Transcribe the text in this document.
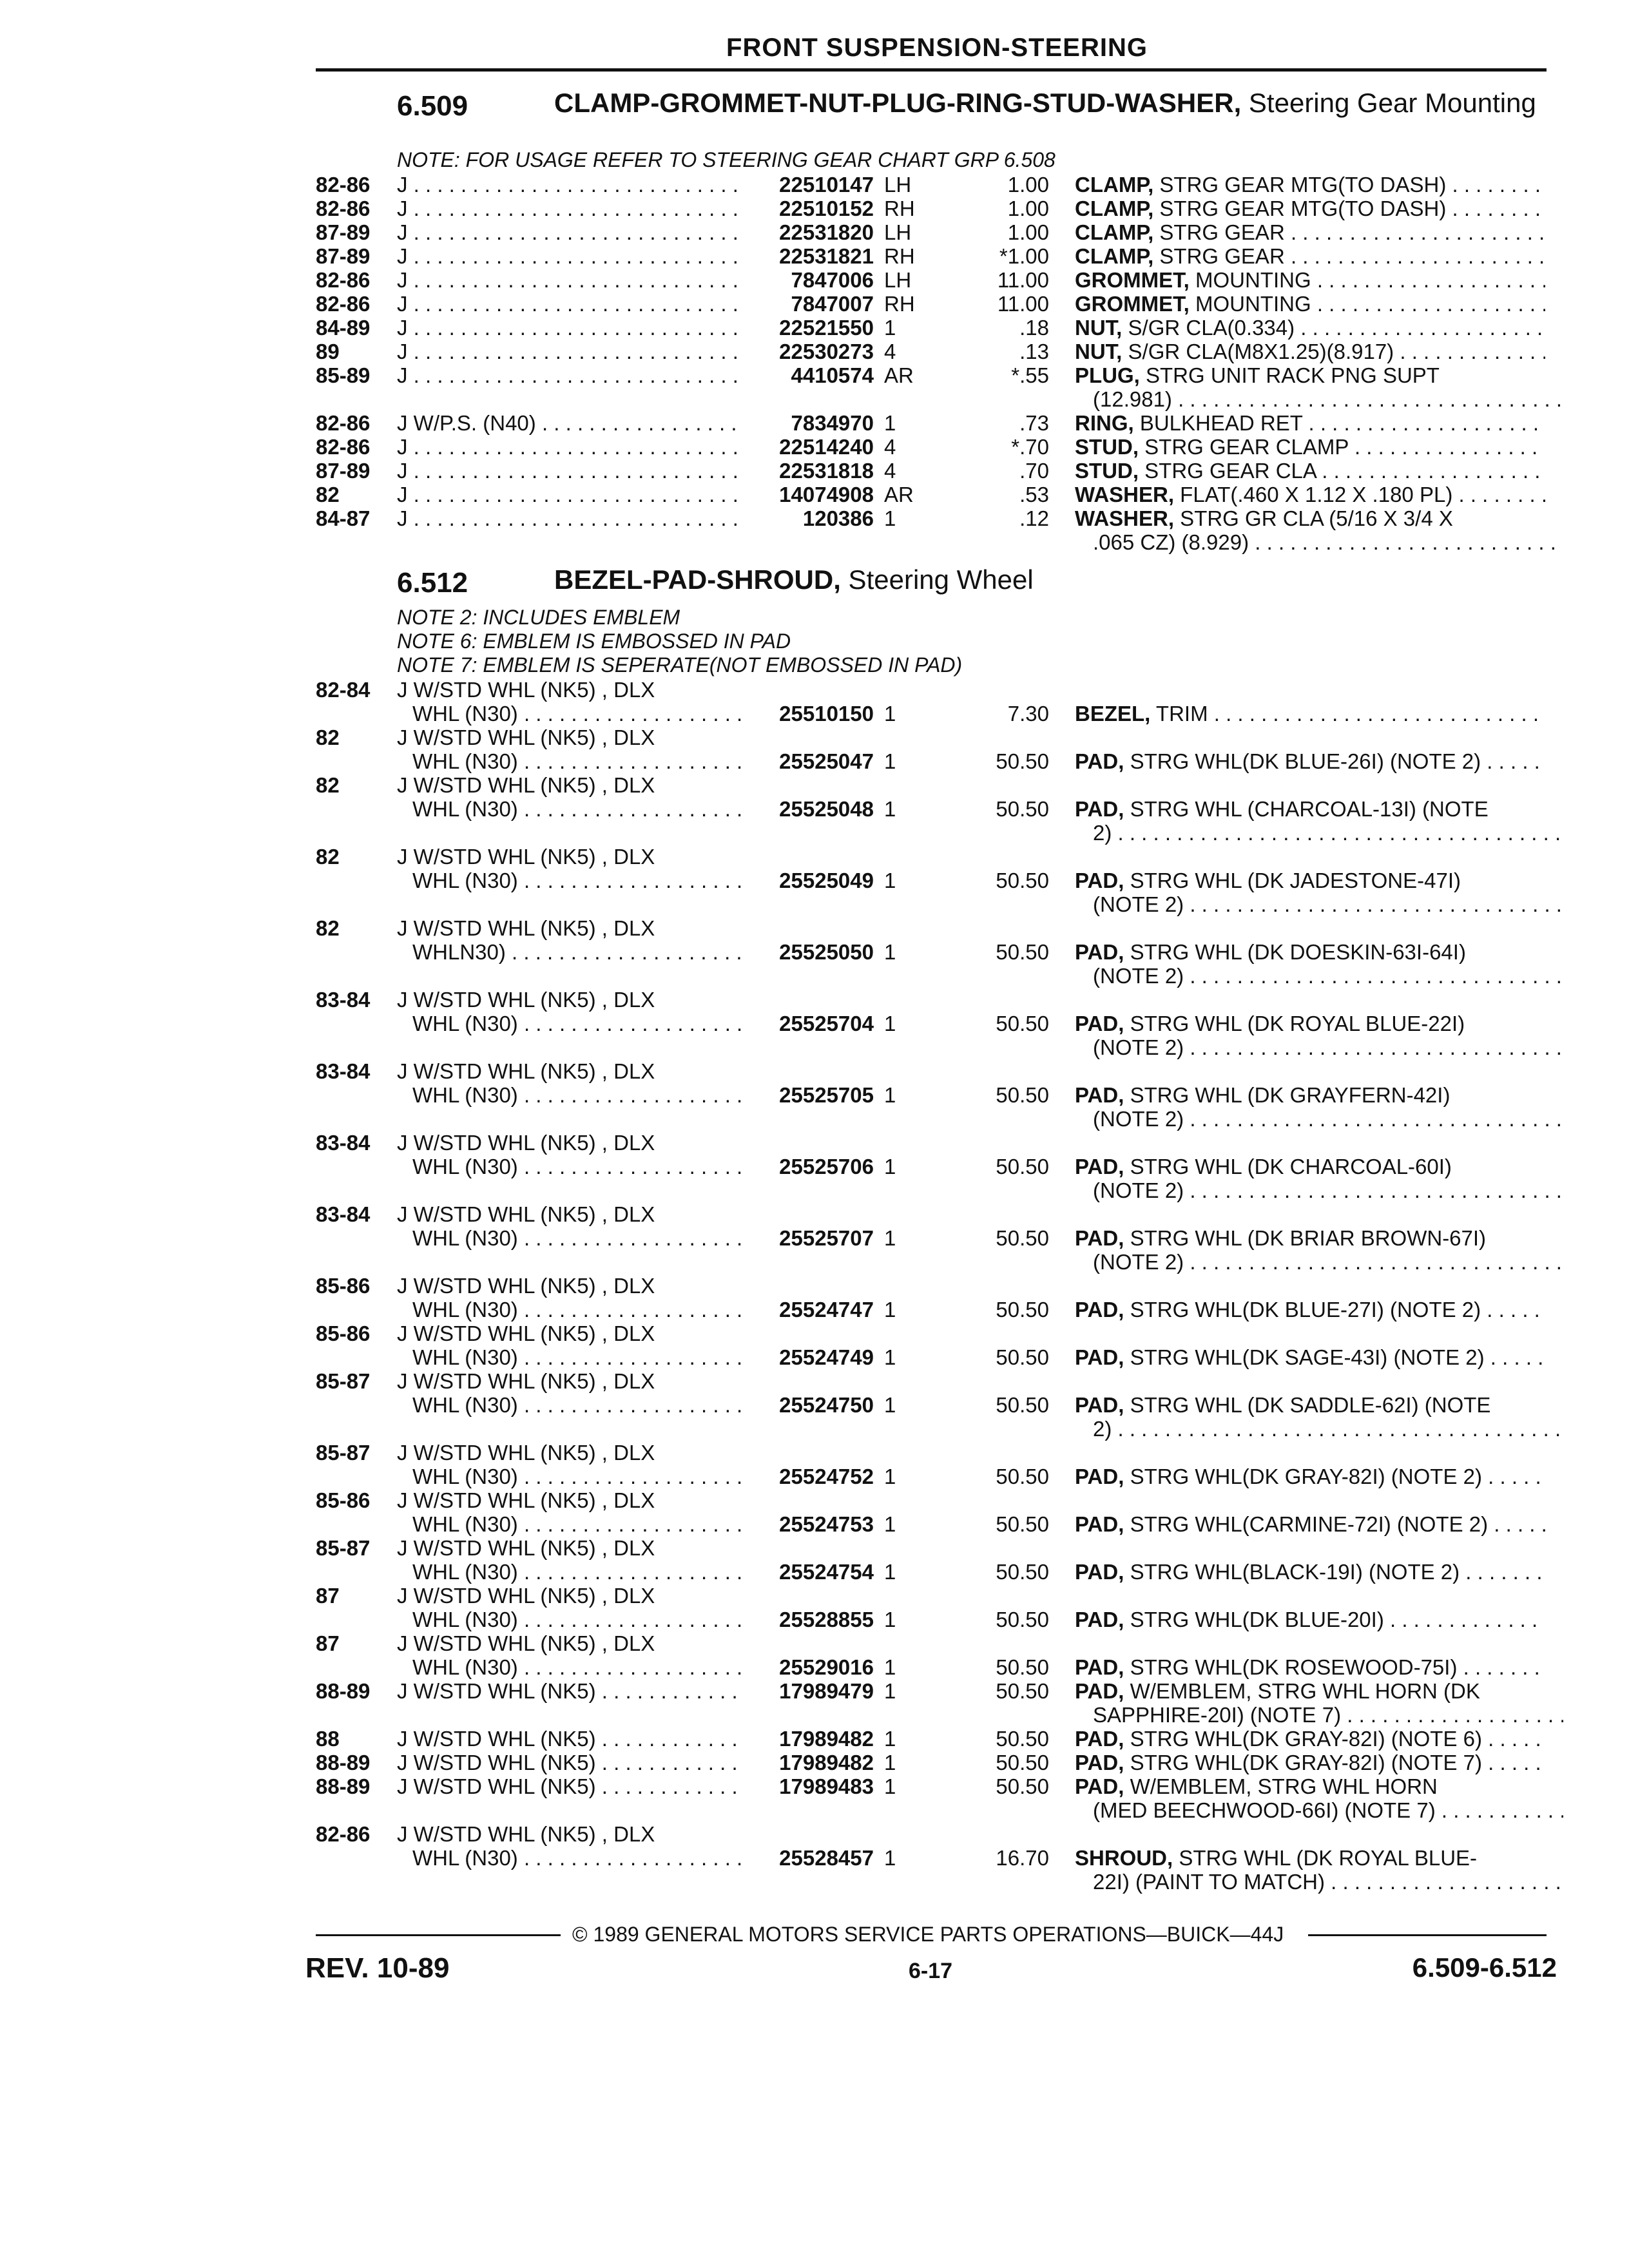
FRONT SUSPENSION-STEERING
6.509	CLAMP-GROMMET-NUT-PLUG-RING-STUD-WASHER, Steering Gear Mounting
NOTE: FOR USAGE REFER TO STEERING GEAR CHART GRP 6.508
82-86 J . . .	22510147 LH	1.00 CLAMP, STRG GEAR MTG(TO DASH) . . .
82-86 J . . .	22510152 RH	1.00 CLAMP, STRG GEAR MTG(TO DASH) . . .
87-89 J . . .	22531820 LH	1.00 CLAMP, STRG GEAR . . .
87-89 J . . .	22531821 RH	*1.00 CLAMP, STRG GEAR . . .
82-86 J . . .	7847006 LH	11.00 GROMMET, MOUNTING . . .
82-86 J . . .	7847007 RH	11.00 GROMMET, MOUNTING . . .
84-89 J . . .	22521550 1	.18 NUT, S/GR CLA(0.334) . . .
89	J . . .	22530273 4	.13 NUT, S/GR CLA(M8X1.25)(8.917) . . .
85-89 J . . .	4410574 AR	*.55 PLUG, STRG UNIT RACK PNG SUPT
(12.981) . . .
82-86 J W/P.S. (N40) . . .	7834970 1	.73 RING, BULKHEAD RET . . .
82-86 J . . .	22514240 4	*.70 STUD, STRG GEAR CLAMP . . .
87-89 J . . .	22531818 4	.70 STUD, STRG GEAR CLA . . .
82	J . . .	14074908 AR	.53 WASHER, FLAT(.460 X 1.12 X .180 PL) . . .
84-87 J . . .	120386 1	.12 WASHER, STRG GR CLA (5/16 X 3/4 X
.065 CZ) (8.929) . . .
6.512	BEZEL-PAD-SHROUD, Steering Wheel
NOTE 2: INCLUDES EMBLEM
NOTE 6: EMBLEM IS EMBOSSED IN PAD
NOTE 7: EMBLEM IS SEPERATE(NOT EMBOSSED IN PAD)
82-84 J W/STD WHL (NK5) , DLX
WHL (N30) . . .	25510150 1	7.30 BEZEL, TRIM . . .
82	J W/STD WHL (NK5) , DLX
WHL (N30) . . .	25525047 1	50.50 PAD, STRG WHL(DK BLUE-26I) (NOTE 2) . . .
82	J W/STD WHL (NK5) , DLX
WHL (N30) . . .	25525048 1	50.50 PAD, STRG WHL (CHARCOAL-13I) (NOTE
2) . . .
82	J W/STD WHL (NK5) , DLX
WHL (N30) . . .	25525049 1	50.50 PAD, STRG WHL (DK JADESTONE-47I)
(NOTE 2) . . .
82	J W/STD WHL (NK5) , DLX
WHLN30) . . .	25525050 1	50.50 PAD, STRG WHL (DK DOESKIN-63I-64I)
(NOTE 2) . . .
83-84 J W/STD WHL (NK5) , DLX
WHL (N30) . . .	25525704 1	50.50 PAD, STRG WHL (DK ROYAL BLUE-22I)
(NOTE 2) . . .
83-84 J W/STD WHL (NK5) , DLX
WHL (N30) . . .	25525705 1	50.50 PAD, STRG WHL (DK GRAYFERN-42I)
(NOTE 2) . . .
83-84 J W/STD WHL (NK5) , DLX
WHL (N30) . . .	25525706 1	50.50 PAD, STRG WHL (DK CHARCOAL-60I)
(NOTE 2) . . .
83-84 J W/STD WHL (NK5) , DLX
WHL (N30) . . .	25525707 1	50.50 PAD, STRG WHL (DK BRIAR BROWN-67I)
(NOTE 2) . . .
85-86 J W/STD WHL (NK5) , DLX
WHL (N30) . . .	25524747 1	50.50 PAD, STRG WHL(DK BLUE-27I) (NOTE 2) . . .
85-86 J W/STD WHL (NK5) , DLX
WHL (N30) . . .	25524749 1	50.50 PAD, STRG WHL(DK SAGE-43I) (NOTE 2) . . .
85-87 J W/STD WHL (NK5) , DLX
WHL (N30) . . .	25524750 1	50.50 PAD, STRG WHL (DK SADDLE-62I) (NOTE
2) . . .
85-87 J W/STD WHL (NK5) , DLX
WHL (N30) . . .	25524752 1	50.50 PAD, STRG WHL(DK GRAY-82I) (NOTE 2) . . .
85-86 J W/STD WHL (NK5) , DLX
WHL (N30) . . .	25524753 1	50.50 PAD, STRG WHL(CARMINE-72I) (NOTE 2) . . .
85-87 J W/STD WHL (NK5) , DLX
WHL (N30) . . .	25524754 1	50.50 PAD, STRG WHL(BLACK-19I) (NOTE 2) . . .
87	J W/STD WHL (NK5) , DLX
WHL (N30) . . .	25528855 1	50.50 PAD, STRG WHL(DK BLUE-20I) . . .
87	J W/STD WHL (NK5) , DLX
WHL (N30) . . .	25529016 1	50.50 PAD, STRG WHL(DK ROSEWOOD-75I) . . .
88-89 J W/STD WHL (NK5) . . .	17989479 1	50.50 PAD, W/EMBLEM, STRG WHL HORN (DK
SAPPHIRE-20I) (NOTE 7) . . .
88	J W/STD WHL (NK5) . . .	17989482 1	50.50 PAD, STRG WHL(DK GRAY-82I) (NOTE 6) . . .
88-89 J W/STD WHL (NK5) . . .	17989482 1	50.50 PAD, STRG WHL(DK GRAY-82I) (NOTE 7) . . .
88-89 J W/STD WHL (NK5) . . .	17989483 1	50.50 PAD, W/EMBLEM, STRG WHL HORN
(MED BEECHWOOD-66I) (NOTE 7) . . .
82-86 J W/STD WHL (NK5) , DLX
WHL (N30) . . .	25528457 1	16.70 SHROUD, STRG WHL (DK ROYAL BLUE-
22I) (PAINT TO MATCH) . . .
© 1989 GENERAL MOTORS SERVICE PARTS OPERATIONS—BUICK—44J
REV. 10-89	6-17	6.509-6.512
